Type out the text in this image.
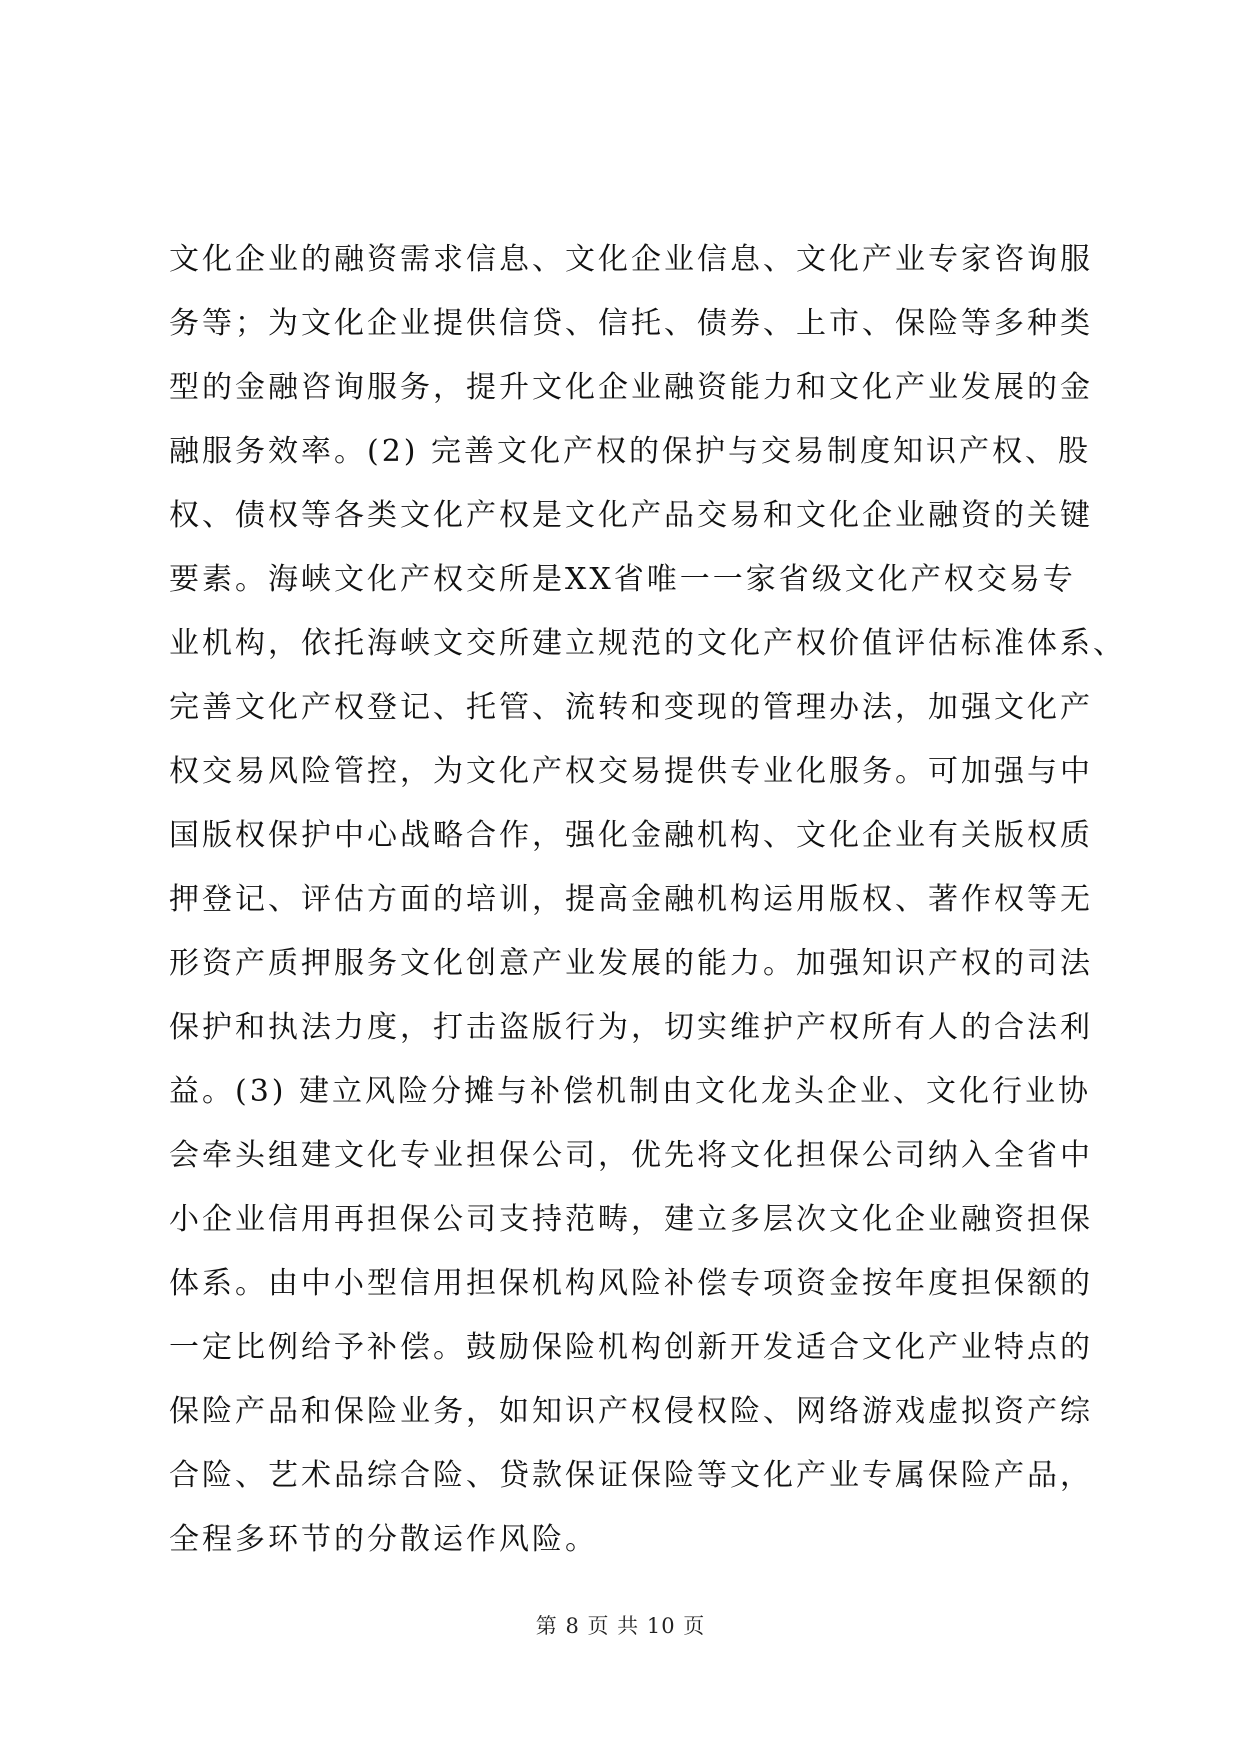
文化企业的融资需求信息、文化企业信息、文化产业专家咨询服
务等；为文化企业提供信贷、信托、债券、上市、保险等多种类
型的金融咨询服务，提升文化企业融资能力和文化产业发展的金
融服务效率。(2) 完善文化产权的保护与交易制度知识产权、股
权、债权等各类文化产权是文化产品交易和文化企业融资的关键
要素。海峡文化产权交所是XX省唯一一家省级文化产权交易专
业机构，依托海峡文交所建立规范的文化产权价值评估标准体系、
完善文化产权登记、托管、流转和变现的管理办法，加强文化产
权交易风险管控，为文化产权交易提供专业化服务。可加强与中
国版权保护中心战略合作，强化金融机构、文化企业有关版权质
押登记、评估方面的培训，提高金融机构运用版权、著作权等无
形资产质押服务文化创意产业发展的能力。加强知识产权的司法
保护和执法力度，打击盗版行为，切实维护产权所有人的合法利
益。(3) 建立风险分摊与补偿机制由文化龙头企业、文化行业协
会牵头组建文化专业担保公司，优先将文化担保公司纳入全省中
小企业信用再担保公司支持范畴，建立多层次文化企业融资担保
体系。由中小型信用担保机构风险补偿专项资金按年度担保额的
一定比例给予补偿。鼓励保险机构创新开发适合文化产业特点的
保险产品和保险业务，如知识产权侵权险、网络游戏虚拟资产综
合险、艺术品综合险、贷款保证保险等文化产业专属保险产品，
全程多环节的分散运作风险。
第 8 页 共 10 页
